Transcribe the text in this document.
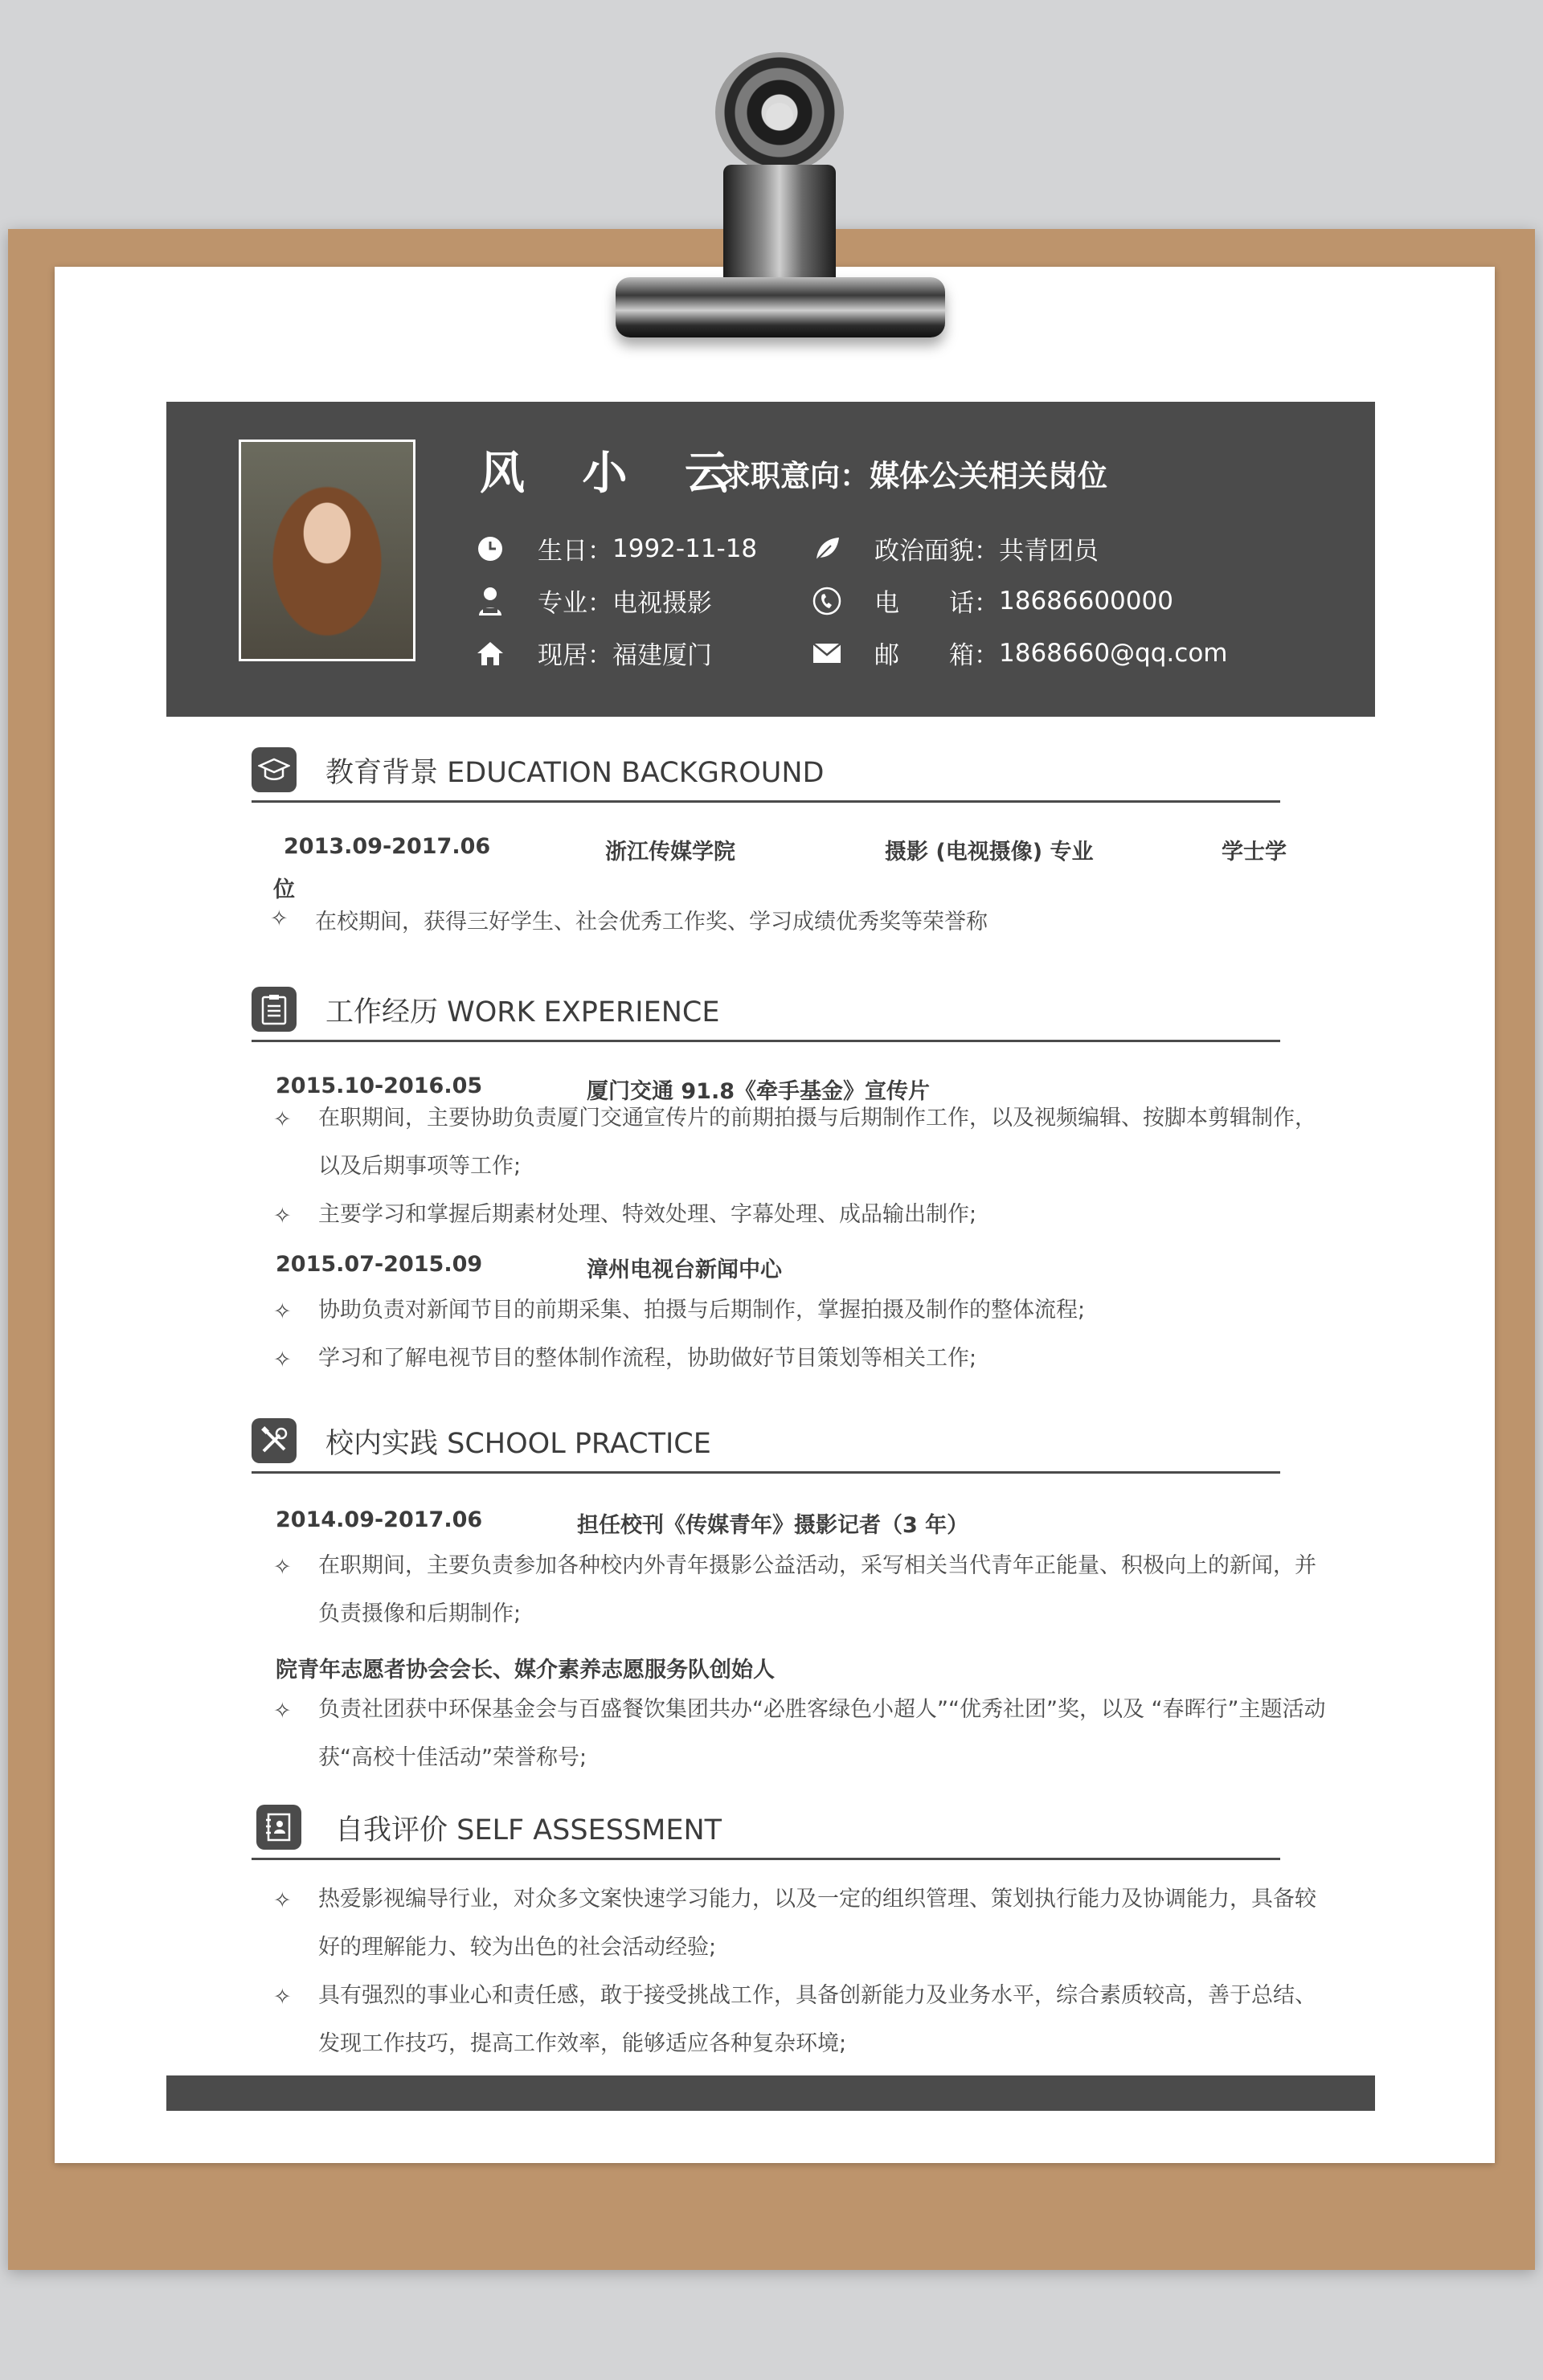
风 小 云
求职意向：媒体公关相关岗位
生日： 1992-11-18
专业： 电视摄影
现居： 福建厦门
政治面貌： 共青团员
电　　话： 18686600000
邮　　箱： 1868660@qq.com
教育背景 EDUCATION BACKGROUND
2013.09-2017.06	浙江传媒学院	摄影 (电视摄像) 专业	学士学
位
✧ 在校期间，获得三好学生、社会优秀工作奖、学习成绩优秀奖等荣誉称
工作经历 WORK EXPERIENCE
2015.10-2016.05	厦门交通 91.8《牵手基金》宣传片
✧ 在职期间，主要协助负责厦门交通宣传片的前期拍摄与后期制作工作，以及视频编辑、按脚本剪辑制作，以及后期事项等工作;
✧ 主要学习和掌握后期素材处理、特效处理、字幕处理、成品输出制作;
2015.07-2015.09	漳州电视台新闻中心
✧ 协助负责对新闻节目的前期采集、拍摄与后期制作，掌握拍摄及制作的整体流程;
✧ 学习和了解电视节目的整体制作流程，协助做好节目策划等相关工作;
校内实践 SCHOOL PRACTICE
2014.09-2017.06	担任校刊《传媒青年》摄影记者（3 年）
✧ 在职期间，主要负责参加各种校内外青年摄影公益活动，采写相关当代青年正能量、积极向上的新闻，并负责摄像和后期制作;
院青年志愿者协会会长、媒介素养志愿服务队创始人
✧ 负责社团获中环保基金会与百盛餐饮集团共办“必胜客绿色小超人”“优秀社团”奖，以及 “春晖行”主题活动获“高校十佳活动”荣誉称号;
自我评价 SELF ASSESSMENT
✧ 热爱影视编导行业，对众多文案快速学习能力，以及一定的组织管理、策划执行能力及协调能力，具备较好的理解能力、较为出色的社会活动经验;
✧ 具有强烈的事业心和责任感，敢于接受挑战工作，具备创新能力及业务水平，综合素质较高，善于总结、发现工作技巧，提高工作效率，能够适应各种复杂环境;
